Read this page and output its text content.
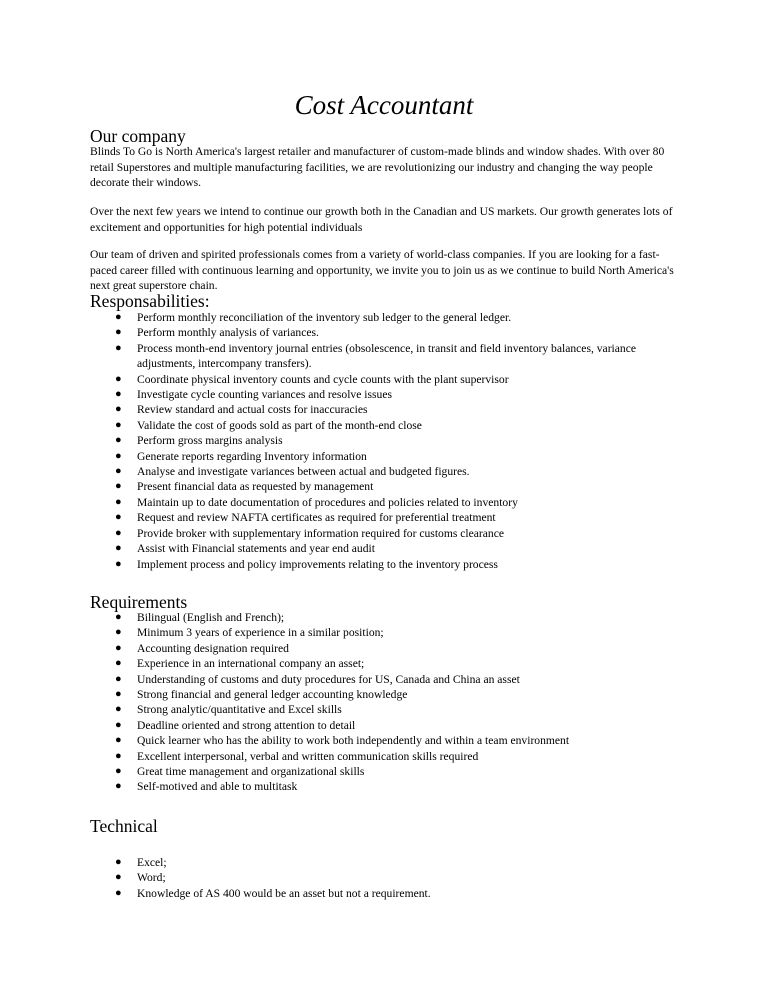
Cost Accountant
Our company

Blinds To Go is North America's largest retailer and manufacturer of custom-made blinds and window shades. With over 80 retail Superstores and multiple manufacturing facilities, we are revolutionizing our industry and changing the way people decorate their windows.

Over the next few years we intend to continue our growth both in the Canadian and US markets. Our growth generates lots of excitement and opportunities for high potential individuals

Our team of driven and spirited professionals comes from a variety of world-class companies. If you are looking for a fast-paced career filled with continuous learning and opportunity, we invite you to join us as we continue to build North America's next great superstore chain.

Responsabilities:
● Perform monthly reconciliation of the inventory sub ledger to the general ledger.
● Perform monthly analysis of variances.
● Process month-end inventory journal entries (obsolescence, in transit and field inventory balances, variance adjustments, intercompany transfers).
● Coordinate physical inventory counts and cycle counts with the plant supervisor
● Investigate cycle counting variances and resolve issues
● Review standard and actual costs for inaccuracies
● Validate the cost of goods sold as part of the month-end close
● Perform gross margins analysis
● Generate reports regarding Inventory information
● Analyse and investigate variances between actual and budgeted figures.
● Present financial data as requested by management
● Maintain up to date documentation of procedures and policies related to inventory
● Request and review NAFTA certificates as required for preferential treatment
● Provide broker with supplementary information required for customs clearance
● Assist with Financial statements and year end audit
● Implement process and policy improvements relating to the inventory process
Requirements
● Bilingual (English and French);
● Minimum 3 years of experience in a similar position;
● Accounting designation required
● Experience in an international company an asset;
● Understanding of customs and duty procedures for US, Canada and China an asset
● Strong financial and general ledger accounting knowledge
● Strong analytic/quantitative and Excel skills
● Deadline oriented and strong attention to detail
● Quick learner who has the ability to work both independently and within a team environment
● Excellent interpersonal, verbal and written communication skills required
● Great time management and organizational skills
● Self-motived and able to multitask
Technical
● Excel;
● Word;
● Knowledge of AS 400 would be an asset but not a requirement.
